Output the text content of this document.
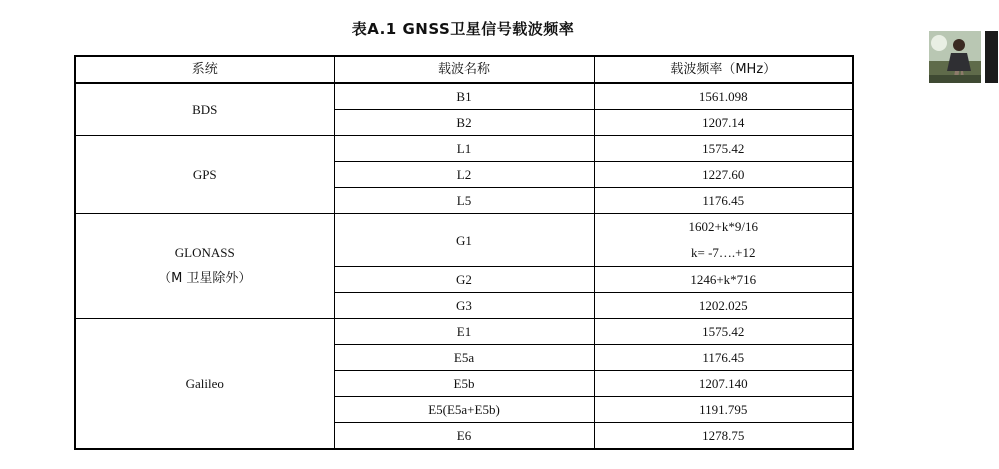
表A.1 GNSS卫星信号载波频率
系统	载波名称	载波频率（MHz）
BDS	B1	1561.098
	B2	1207.14
GPS	L1	1575.42
	L2	1227.60
	L5	1176.45

GLONASS
（M 卫星除外）	G1	1602+k*9/16
k= -7….+12

	G2	1246+k*716
	G3	1202.025
Galileo	E1	1575.42
	E5a	1176.45
	E5b	1207.140
	E5(E5a+E5b)	1191.795
	E6	1278.75
